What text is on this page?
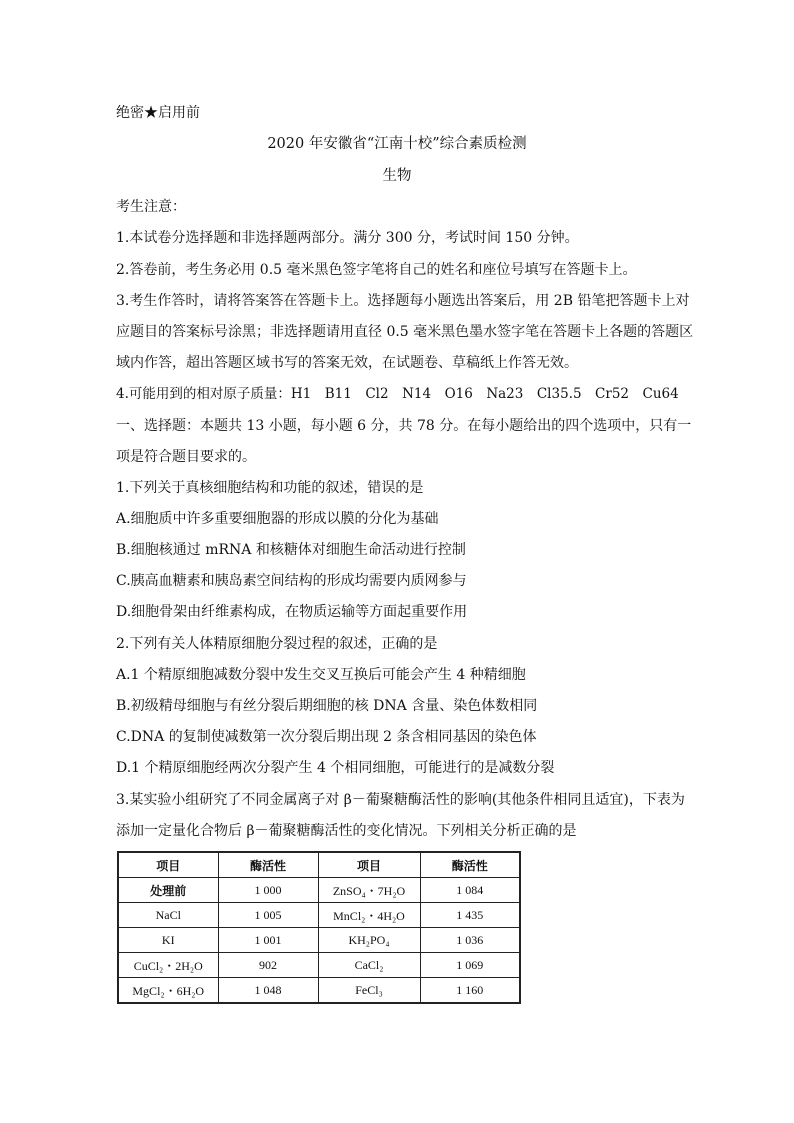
绝密★启用前
2020 年安徽省“江南十校”综合素质检测
生物
考生注意：
1.本试卷分选择题和非选择题两部分。满分 300 分，考试时间 150 分钟。
2.答卷前，考生务必用 0.5 毫米黑色签字笔将自己的姓名和座位号填写在答题卡上。
3.考生作答时，请将答案答在答题卡上。选择题每小题选出答案后，用 2B 铅笔把答题卡上对
应题目的答案标号涂黑；非选择题请用直径 0.5 毫米黑色墨水签字笔在答题卡上各题的答题区
域内作答，超出答题区域书写的答案无效，在试题卷、草稿纸上作答无效。
4.可能用到的相对原子质量：H1　B11　Cl2　N14　O16　Na23　Cl35.5　Cr52　Cu64
一、选择题：本题共 13 小题，每小题 6 分，共 78 分。在每小题给出的四个选项中，只有一
项是符合题目要求的。
1.下列关于真核细胞结构和功能的叙述，错误的是
A.细胞质中许多重要细胞器的形成以膜的分化为基础
B.细胞核通过 mRNA 和核糖体对细胞生命活动进行控制
C.胰高血糖素和胰岛素空间结构的形成均需要内质网参与
D.细胞骨架由纤维素构成，在物质运输等方面起重要作用
2.下列有关人体精原细胞分裂过程的叙述，正确的是
A.1 个精原细胞减数分裂中发生交叉互换后可能会产生 4 种精细胞
B.初级精母细胞与有丝分裂后期细胞的核 DNA 含量、染色体数相同
C.DNA 的复制使减数第一次分裂后期出现 2 条含相同基因的染色体
D.1 个精原细胞经两次分裂产生 4 个相同细胞，可能进行的是减数分裂
3.某实验小组研究了不同金属离子对 β－葡聚糖酶活性的影响(其他条件相同且适宜)，下表为
添加一定量化合物后 β－葡聚糖酶活性的变化情况。下列相关分析正确的是
项目	酶活性	项目	酶活性
处理前	1 000	ZnSO₄・7H₂O	1 084
NaCl	1 005	MnCl₂・4H₂O	1 435
KI	1 001	KH₂PO₄	1 036
CuCl₂・2H₂O	902	CaCl₂	1 069
MgCl₂・6H₂O	1 048	FeCl₃	1 160
